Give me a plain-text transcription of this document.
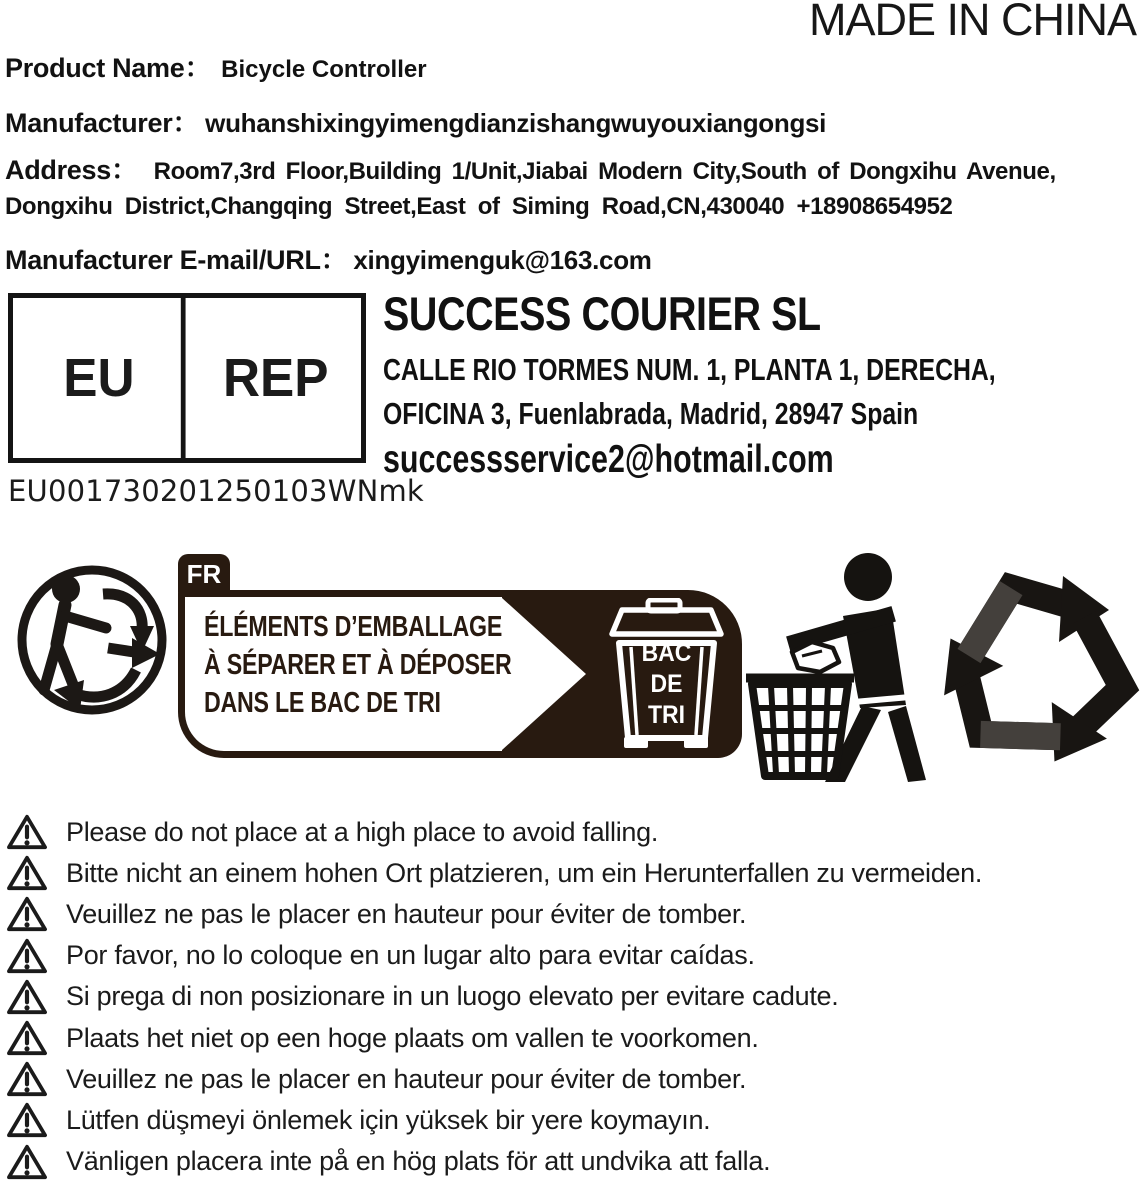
MADE IN CHINA
Product Name： Bicycle Controller
Manufacturer： wuhanshixingyimengdianzishangwuyouxiangongsi
Address： Room7,3rd Floor,Building 1/Unit,Jiabai Modern City,South of Dongxihu Avenue,
Dongxihu District,Changqing Street,East of Siming Road,CN,430040 +18908654952
Manufacturer E-mail/URL： xingyimenguk@163.com
EU	REP
EU001730201250103WNmk
SUCCESS COURIER SL
CALLE RIO TORMES NUM. 1, PLANTA 1, DERECHA,
OFICINA 3, Fuenlabrada, Madrid, 28947 Spain
successservice2@hotmail.com
FR
ÉLÉMENTS D’EMBALLAGE
À SÉPARER ET À DÉPOSER
DANS LE BAC DE TRI
BAC
DE
TRI
Please do not place at a high place to avoid falling.
Bitte nicht an einem hohen Ort platzieren, um ein Herunterfallen zu vermeiden.
Veuillez ne pas le placer en hauteur pour éviter de tomber.
Por favor, no lo coloque en un lugar alto para evitar caídas.
Si prega di non posizionare in un luogo elevato per evitare cadute.
Plaats het niet op een hoge plaats om vallen te voorkomen.
Veuillez ne pas le placer en hauteur pour éviter de tomber.
Lütfen düşmeyi önlemek için yüksek bir yere koymayın.
Vänligen placera inte på en hög plats för att undvika att falla.
